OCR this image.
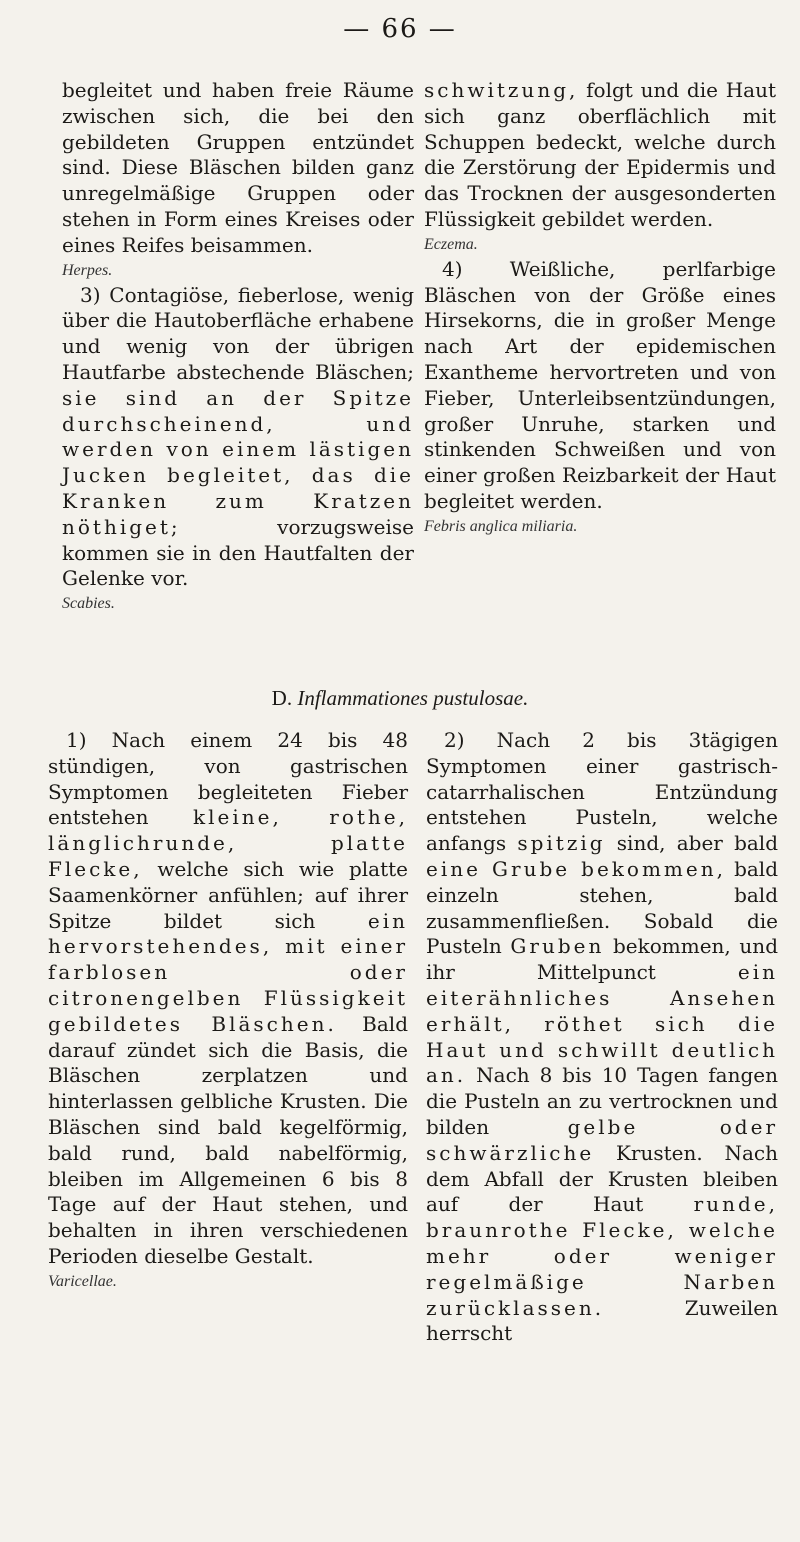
— 66 —

begleitet und haben freie Räume zwischen sich, die bei den gebildeten Gruppen entzündet sind. Diese Bläschen bilden ganz unregelmäßige Gruppen oder stehen in Form eines Kreises oder eines Reifes beisammen.

Herpes.

3) Contagiöse, fieberlose, wenig über die Hautoberfläche erhabene und wenig von der übrigen Hautfarbe abstechende Bläschen; sie sind an der Spitze durchscheinend, und werden von einem lästigen Jucken begleitet, das die Kranken zum Kratzen nöthiget;	vorzugsweise kommen sie in den Hautfalten der Gelenke vor.

Scabies.

schwitzung, folgt und die Haut sich ganz oberflächlich mit Schuppen bedeckt, welche durch die Zerstörung der Epidermis und das Trocknen der ausgesonderten Flüssigkeit gebildet werden.

Eczema.

4) Weißliche, perlfarbige Bläschen von der Größe eines Hirsekorns, die in großer Menge nach Art der epidemischen Exantheme hervortreten und von Fieber, Unterleibsentzündungen, großer Unruhe, starken und stinkenden Schweißen und von einer großen Reizbarkeit der Haut begleitet werden.

Febris anglica miliaria.
D. Inflammationes pustulosae.

1) Nach einem 24 bis 48 stündigen, von gastrischen Symptomen begleiteten Fieber entstehen kleine, rothe, länglichrunde, platte Flecke, welche sich wie platte Saamenkörner anfühlen; auf ihrer Spitze bildet sich	ein hervorstehendes, mit einer farblosen oder citronengelben Flüssigkeit gebildetes Bläschen. Bald darauf zündet sich die Basis, die Bläschen zerplatzen und hinterlassen gelbliche Krusten. Die Bläschen sind bald kegelförmig, bald rund, bald nabelförmig, bleiben im Allgemeinen 6 bis 8 Tage auf der Haut stehen, und behalten in ihren verschiedenen Perioden dieselbe Gestalt.

Varicellae.

2) Nach 2 bis 3tägigen Symptomen einer gastrisch-catarrhalischen Entzündung entstehen Pusteln, welche anfangs spitzig sind, aber bald eine Grube bekommen, bald einzeln stehen, bald zusammenfließen. Sobald die Pusteln Gruben bekommen, und ihr Mittelpunct	ein eiterähnliches Ansehen erhält, röthet sich die Haut und schwillt deutlich an. Nach 8 bis 10 Tagen fangen die Pusteln an zu vertrocknen und bilden	gelbe oder schwärzliche Krusten. Nach dem Abfall der Krusten bleiben auf der Haut	runde, braunrothe Flecke, welche mehr oder weniger regelmäßige Narben zurücklassen.	Zuweilen herrscht
